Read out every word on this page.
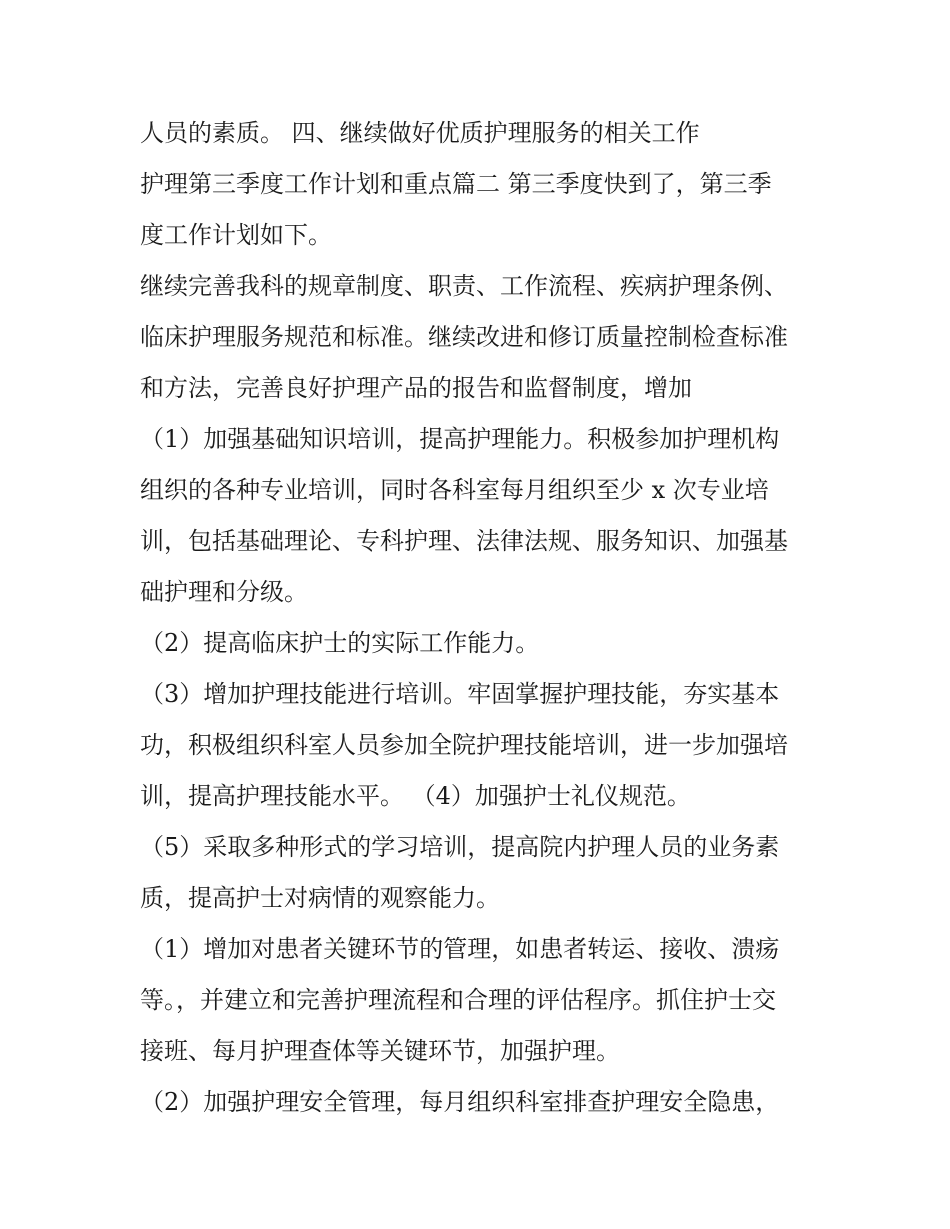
人员的素质。 四、继续做好优质护理服务的相关工作
护理第三季度工作计划和重点篇二 第三季度快到了，第三季
度工作计划如下。
继续完善我科的规章制度、职责、工作流程、疾病护理条例、
临床护理服务规范和标准。继续改进和修订质量控制检查标准
和方法，完善良好护理产品的报告和监督制度，增加
（1）加强基础知识培训，提高护理能力。积极参加护理机构
组织的各种专业培训，同时各科室每月组织至少 x 次专业培
训，包括基础理论、专科护理、法律法规、服务知识、加强基
础护理和分级。
（2）提高临床护士的实际工作能力。
（3）增加护理技能进行培训。牢固掌握护理技能，夯实基本
功，积极组织科室人员参加全院护理技能培训，进一步加强培
训，提高护理技能水平。 （4）加强护士礼仪规范。
（5）采取多种形式的学习培训，提高院内护理人员的业务素
质，提高护士对病情的观察能力。
（1）增加对患者关键环节的管理，如患者转运、接收、溃疡
等。，并建立和完善护理流程和合理的评估程序。抓住护士交
接班、每月护理查体等关键环节，加强护理。
（2）加强护理安全管理，每月组织科室排查护理安全隐患，
